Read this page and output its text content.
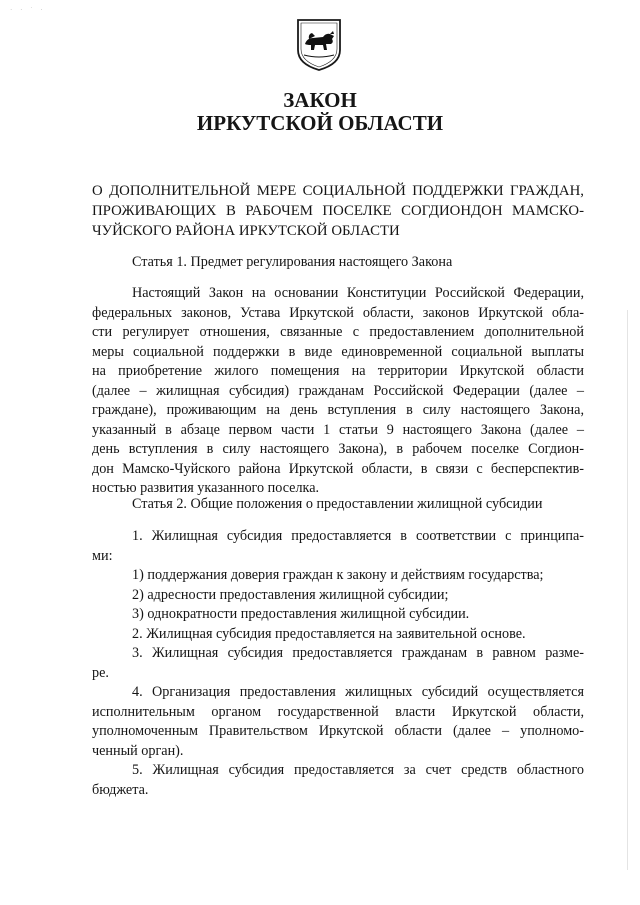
· · ˙ ·
ЗАКОН
ИРКУТСКОЙ ОБЛАСТИ
О ДОПОЛНИТЕЛЬНОЙ МЕРЕ СОЦИАЛЬНОЙ ПОДДЕРЖКИ ГРАЖДАН,
ПРОЖИВАЮЩИХ В РАБОЧЕМ ПОСЕЛКЕ СОГДИОНДОН МАМСКО-
ЧУЙСКОГО РАЙОНА ИРКУТСКОЙ ОБЛАСТИ

Статья 1. Предмет регулирования настоящего Закона

Настоящий Закон на основании Конституции Российской Федерации,
федеральных законов, Устава Иркутской области, законов Иркутской обла-
сти регулирует отношения, связанные с предоставлением дополнительной
меры социальной поддержки в виде единовременной социальной выплаты
на приобретение жилого помещения на территории Иркутской области
(далее – жилищная субсидия) гражданам Российской Федерации (далее –
граждане), проживающим на день вступления в силу настоящего Закона,
указанный в абзаце первом части 1 статьи 9 настоящего Закона (далее –
день вступления в силу настоящего Закона), в рабочем поселке Согдион-
дон Мамско-Чуйского района Иркутской области, в связи с бесперспектив-
ностью развития указанного поселка.

Статья 2. Общие положения о предоставлении жилищной субсидии

1. Жилищная субсидия предоставляется в соответствии с принципа-
ми:
1) поддержания доверия граждан к закону и действиям государства;
2) адресности предоставления жилищной субсидии;
3) однократности предоставления жилищной субсидии.
2. Жилищная субсидия предоставляется на заявительной основе.
3. Жилищная субсидия предоставляется гражданам в равном разме-
ре.
4. Организация предоставления жилищных субсидий осуществляется
исполнительным органом государственной власти Иркутской области,
уполномоченным Правительством Иркутской области (далее – уполномо-
ченный орган).
5. Жилищная субсидия предоставляется за счет средств областного
бюджета.
